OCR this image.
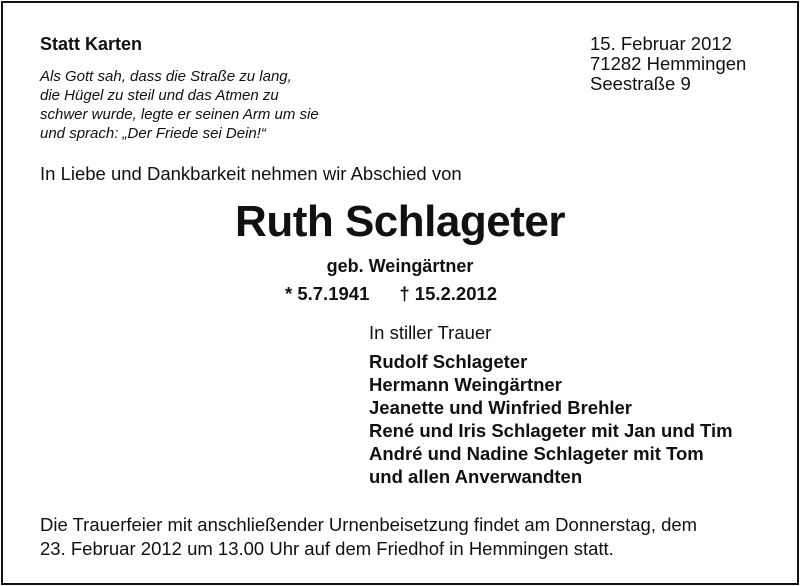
Statt Karten
Als Gott sah, dass die Straße zu lang,
die Hügel zu steil und das Atmen zu
schwer wurde, legte er seinen Arm um sie
und sprach: „Der Friede sei Dein!“
15. Februar 2012
71282 Hemmingen
Seestraße 9
In Liebe und Dankbarkeit nehmen wir Abschied von
Ruth Schlageter
geb. Weingärtner
* 5.7.1941 † 15.2.2012
In stiller Trauer
Rudolf Schlageter
Hermann Weingärtner
Jeanette und Winfried Brehler
René und Iris Schlageter mit Jan und Tim
André und Nadine Schlageter mit Tom
und allen Anverwandten
Die Trauerfeier mit anschließender Urnenbeisetzung findet am Donnerstag, dem
23. Februar 2012 um 13.00 Uhr auf dem Friedhof in Hemmingen statt.
